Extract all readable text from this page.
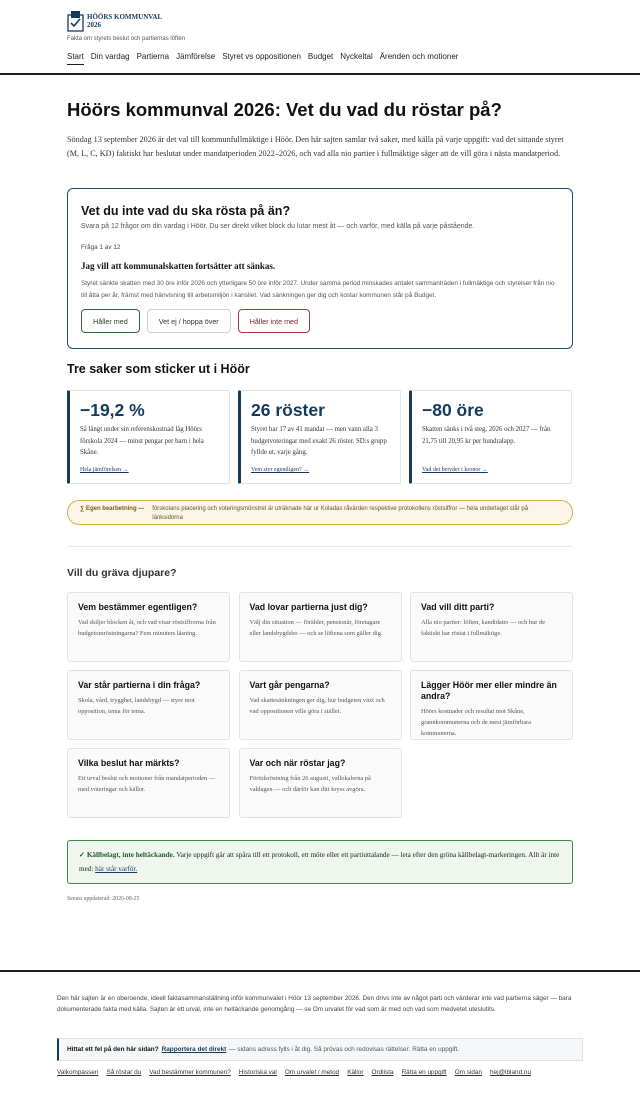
HÖÖRS KOMMUNVAL
2026
Fakta om styrets beslut och partiernas löften
Start Din vardag Partierna Jämförelse Styret vs oppositionen Budget Nyckeltal Ärenden och motioner
Höörs kommunval 2026: Vet du vad du röstar på?

Söndag 13 september 2026 är det val till kommunfullmäktige i Höör. Den här sajten samlar två saker, med källa på varje uppgift: vad det sittande styret (M, L, C, KD) faktiskt har beslutat under mandatperioden 2022–2026, och vad alla nio partier i fullmäktige säger att de vill göra i nästa mandatperiod.

Vet du inte vad du ska rösta på än?
Svara på 12 frågor om din vardag i Höör. Du ser direkt vilket block du lutar mest åt — och varför, med källa på varje påstående.
Fråga 1 av 12
Jag vill att kommunalskatten fortsätter att sänkas.
Styret sänkte skatten med 30 öre inför 2026 och ytterligare 50 öre inför 2027. Under samma period minskades antalet sammanträden i fullmäktige och styrelser från nio till åtta per år, främst med hänvisning till arbetsmiljön i kansliet. Vad sänkningen ger dig och kostar kommunen står på Budget.
Håller med	Vet ej / hoppa över	Håller inte med
Tre saker som sticker ut i Höör
−19,2 %
Så långt under sin referenskostnad låg Höörs förskola 2024 — minst pengar per barn i hela Skåne.
Hela jämförelsen →
26 röster
Styret har 17 av 41 mandat — men vann alla 3 budgetvoteringar med exakt 26 röster. SD:s grupp fyllde ut, varje gång.
Vem styr egentligen? →
−80 öre
Skatten sänks i två steg, 2026 och 2027 — från 21,75 till 20,95 kr per hundralapp.
Vad det betyder i kronor →
∑ Egen bearbetning — förskolans placering och voteringsmönstret är uträknade här ur Koladas råvärden respektive protokollens röstsiffror — hela underlaget står på länksidorna
Vill du gräva djupare?
Vem bestämmer egentligen?
Vad skiljer blocken åt, och vad visar röstsiffrorna från budgetomröstningarna? Fem minuters läsning.
Vad lovar partierna just dig?
Välj din situation — förälder, pensionär, företagare eller landsbygdsbo — och se löftena som gäller dig.
Vad vill ditt parti?
Alla nio partier: löften, kandidater — och hur de faktiskt har röstat i fullmäktige.
Var står partierna i din fråga?
Skola, vård, trygghet, landsbygd — styre mot opposition, tema för tema.
Vart går pengarna?
Vad skattesänkningen ger dig, hur budgeten växt och vad oppositionen ville göra i stället.
Lägger Höör mer eller mindre än andra?
Höörs kostnader och resultat mot Skåne, grannkommunerna och de mest jämförbara kommunerna.
Vilka beslut har märkts?
Ett urval beslut och motioner från mandatperioden — med voteringar och källor.
Var och när röstar jag?
Förtidsröstning från 26 augusti, vallokalerna på valdagen — och därför kan ditt kryss avgöra.
✓ Källbelagt, inte heltäckande. Varje uppgift går att spåra till ett protokoll, ett möte eller ett partiuttalande — leta efter den gröna källbelagt-markeringen. Allt är inte med: här står varför.
Senast uppdaterad: 2026-08-25

Den här sajten är en oberoende, ideell faktasammanställning inför kommunvalet i Höör 13 september 2026. Den drivs inte av något parti och värderar inte vad partierna säger — bara dokumenterade fakta med källa. Sajten är ett urval, inte en heltäckande genomgång — se Om urvalet för vad som är med och vad som medvetet uteslutits.

Hittat ett fel på den här sidan? Rapportera det direkt — sidans adress fylls i åt dig. Så prövas och redovisas rättelser: Rätta en uppgift.
Valkompassen Så röstar du Vad bestämmer kommunen? Historiska val Om urvalet / metod Källor Ordlista Rätta en uppgift Om sidan hej@ibland.nu
